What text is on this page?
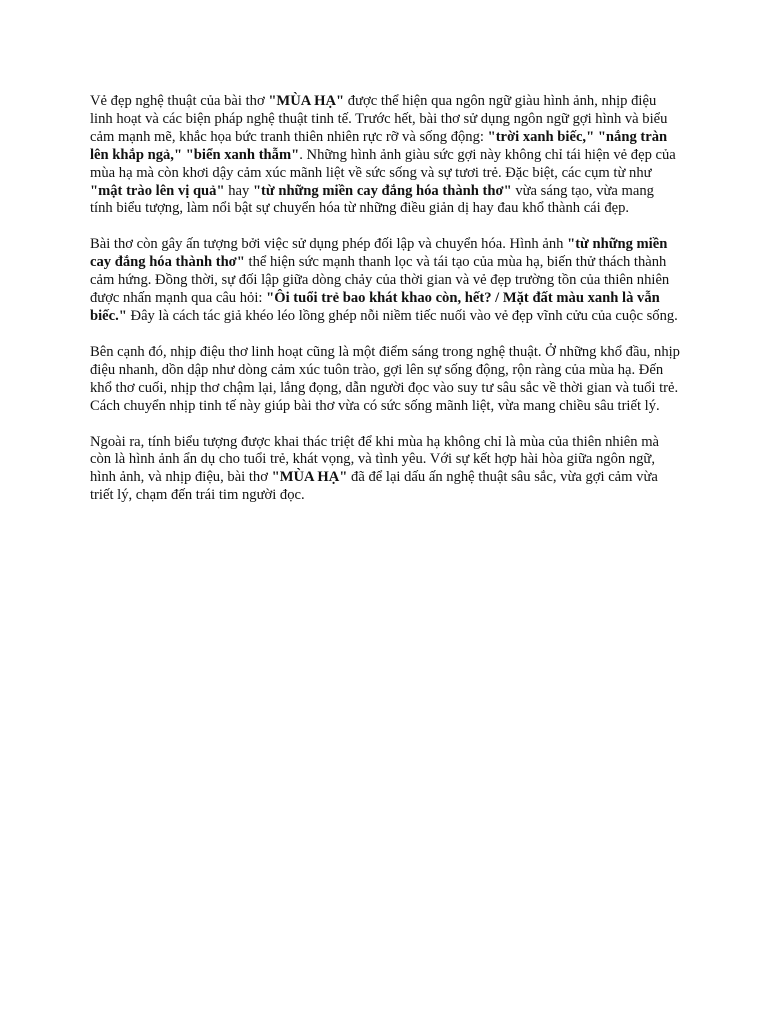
Vẻ đẹp nghệ thuật của bài thơ "MÙA HẠ" được thể hiện qua ngôn ngữ giàu hình ảnh, nhịp điệu linh hoạt và các biện pháp nghệ thuật tinh tế. Trước hết, bài thơ sử dụng ngôn ngữ gợi hình và biểu cảm mạnh mẽ, khắc họa bức tranh thiên nhiên rực rỡ và sống động: "trời xanh biếc," "nắng tràn lên khắp ngả," "biển xanh thẫm". Những hình ảnh giàu sức gợi này không chỉ tái hiện vẻ đẹp của mùa hạ mà còn khơi dậy cảm xúc mãnh liệt về sức sống và sự tươi trẻ. Đặc biệt, các cụm từ như "mật trào lên vị quả" hay "từ những miền cay đắng hóa thành thơ" vừa sáng tạo, vừa mang tính biểu tượng, làm nổi bật sự chuyển hóa từ những điều giản dị hay đau khổ thành cái đẹp.

Bài thơ còn gây ấn tượng bởi việc sử dụng phép đối lập và chuyển hóa. Hình ảnh "từ những miền cay đắng hóa thành thơ" thể hiện sức mạnh thanh lọc và tái tạo của mùa hạ, biến thử thách thành cảm hứng. Đồng thời, sự đối lập giữa dòng chảy của thời gian và vẻ đẹp trường tồn của thiên nhiên được nhấn mạnh qua câu hỏi: "Ôi tuổi trẻ bao khát khao còn, hết? / Mặt đất màu xanh là vẫn biếc." Đây là cách tác giả khéo léo lồng ghép nỗi niềm tiếc nuối vào vẻ đẹp vĩnh cửu của cuộc sống.

Bên cạnh đó, nhịp điệu thơ linh hoạt cũng là một điểm sáng trong nghệ thuật. Ở những khổ đầu, nhịp điệu nhanh, dồn dập như dòng cảm xúc tuôn trào, gợi lên sự sống động, rộn ràng của mùa hạ. Đến khổ thơ cuối, nhịp thơ chậm lại, lắng đọng, dẫn người đọc vào suy tư sâu sắc về thời gian và tuổi trẻ. Cách chuyển nhịp tinh tế này giúp bài thơ vừa có sức sống mãnh liệt, vừa mang chiều sâu triết lý.

Ngoài ra, tính biểu tượng được khai thác triệt để khi mùa hạ không chỉ là mùa của thiên nhiên mà còn là hình ảnh ẩn dụ cho tuổi trẻ, khát vọng, và tình yêu. Với sự kết hợp hài hòa giữa ngôn ngữ, hình ảnh, và nhịp điệu, bài thơ "MÙA HẠ" đã để lại dấu ấn nghệ thuật sâu sắc, vừa gợi cảm vừa triết lý, chạm đến trái tim người đọc.
